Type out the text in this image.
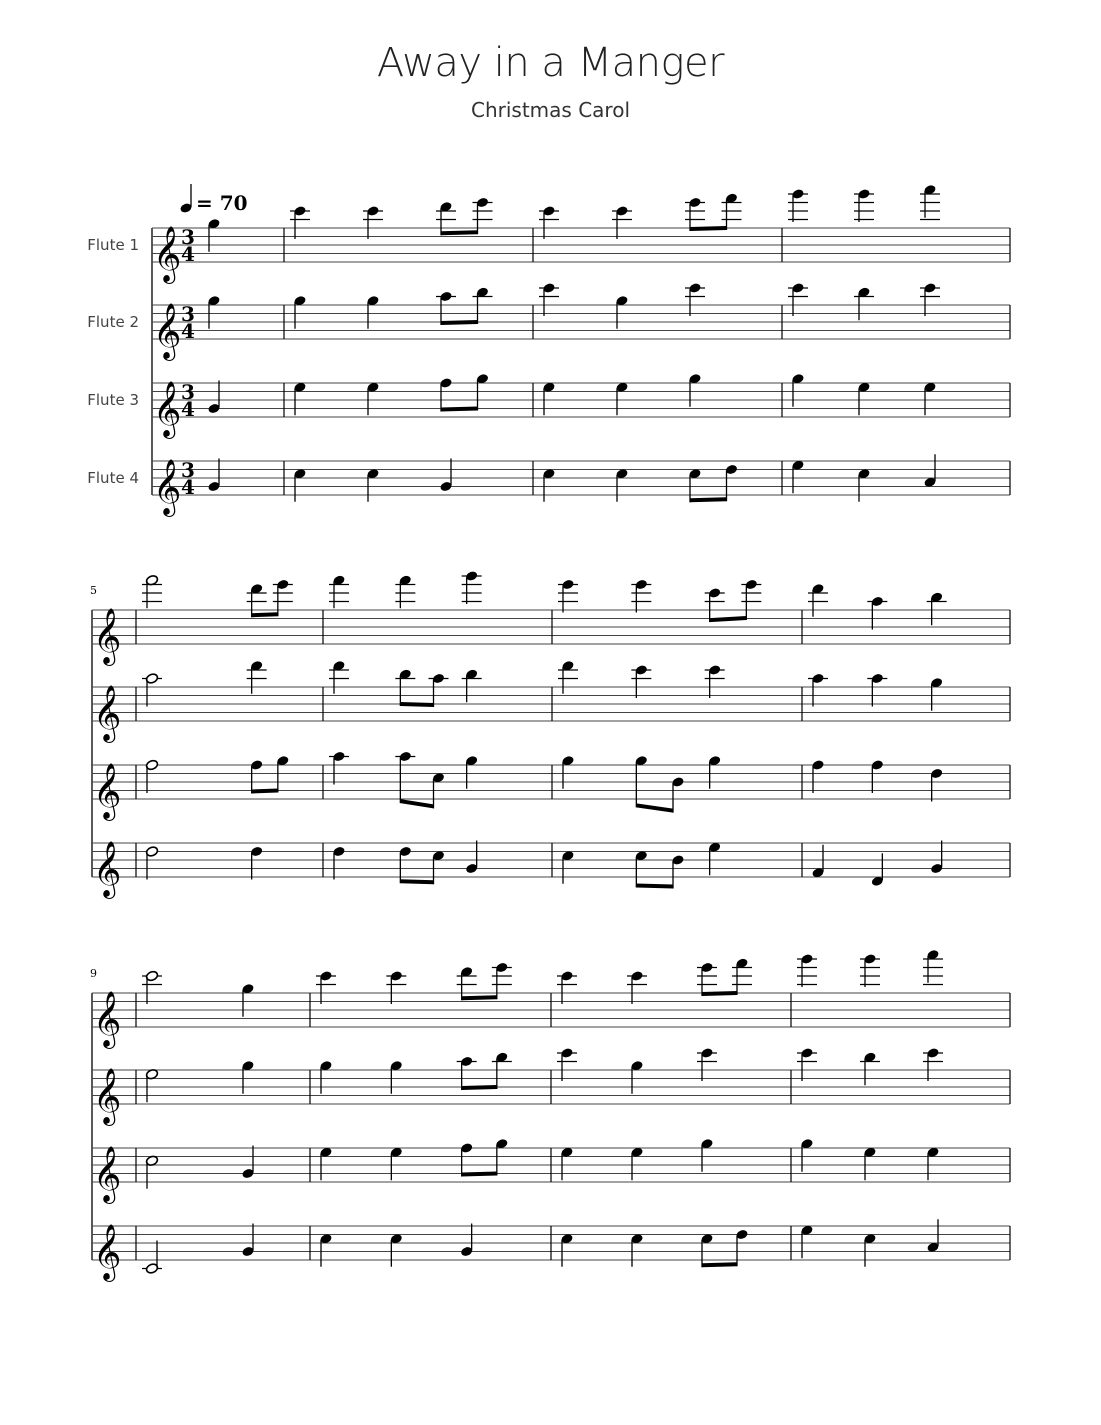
Away in a Manger
Christmas Carol
= 70
Flute 1 3
4
Flute 2 3
4
Flute 3 3
4
Flute 4 3
4
𝄞
𝄞
𝄞
𝄞
5
𝄞
𝄞
𝄞
𝄞
9
𝄞
𝄞
𝄞
𝄞
